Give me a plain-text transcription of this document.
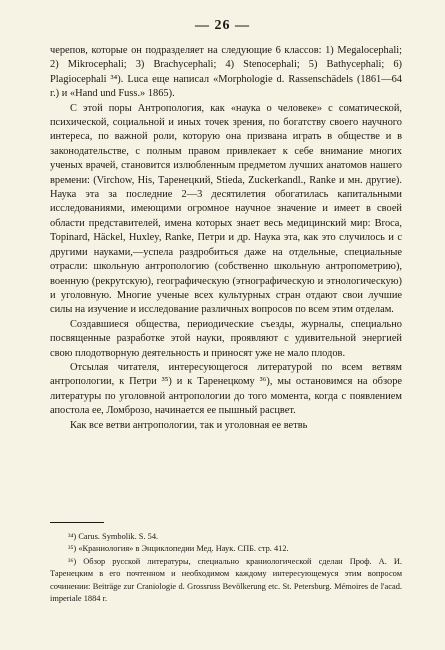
— 26 —

черепов, которые он подразделяет на следующие 6 классов: 1) Megalocephali; 2) Mikrocephali; 3) Brachycephali; 4) Stenocephali; 5) Bathycephali; 6) Plagiocephali ³⁴). Luca еще написал «Morphologie d. Rassenschädels (1861—64 г.) и «Hand und Fuss.» 1865).

С этой поры Антропология, как «наука о человеке» с соматической, психической, социальной и иных точек зрения, по богатству своего научного интереса, по важной роли, которую она призвана играть в обществе и в законодательстве, с полным правом привлекает к себе внимание многих ученых врачей, становится излюбленным предметом лучших анатомов нашего времени: (Virchow, His, Таренецкий, Stieda, Zuckerkandl., Ranke и мн. другие). Наука эта за последние 2—3 десятилетия обогатилась капитальными исследованиями, имеющими огромное научное значение и имеет в своей области представителей, имена которых знает весь медицинский мир: Broca, Topinard, Häckel, Huxley, Ranke, Петри и др. Наука эта, как это случилось и с другими науками,—успела раздробиться даже на отдельные, специальные отрасли: школьную антропологию (собственно школьную антропометрию), военную (рекрутскую), географическую (этнографическую и этнологическую) и уголовную. Многие ученые всех культурных стран отдают свои лучшие силы на изучение и исследование различных вопросов по всем этим отделам.

Создавшиеся общества, периодические съезды, журналы, специально посвященные разработке этой науки, проявляют с удивительной энергией свою плодотворную деятельность и приносят уже не мало плодов.

Отсылая читателя, интересующегося литературой по всем ветвям антропологии, к Петри ³⁵) и к Таренецкому ³⁶), мы остановимся на обзоре литературы по уголовной антропологии до того момента, когда с появлением апостола ее, Ломброзо, начинается ее пышный расцвет.

Как все ветви антропологии, так и уголовная ее ветвь

³⁴) Carus. Symbolik. S. 54.

³⁵) «Краниология» в Энциклопедии Мед. Наук. СПБ. стр. 412.

³⁶) Обзор русской литературы, специально краниологической сделан Проф. А. И. Таренецким в его почтенном и необходимом каждому интересующемуся этим вопросом сочинении: Beiträge zur Craniologie d. Grossruss Bevölkerung etc. St. Petersburg. Mémoires de l'acad. imperiale 1884 г.
